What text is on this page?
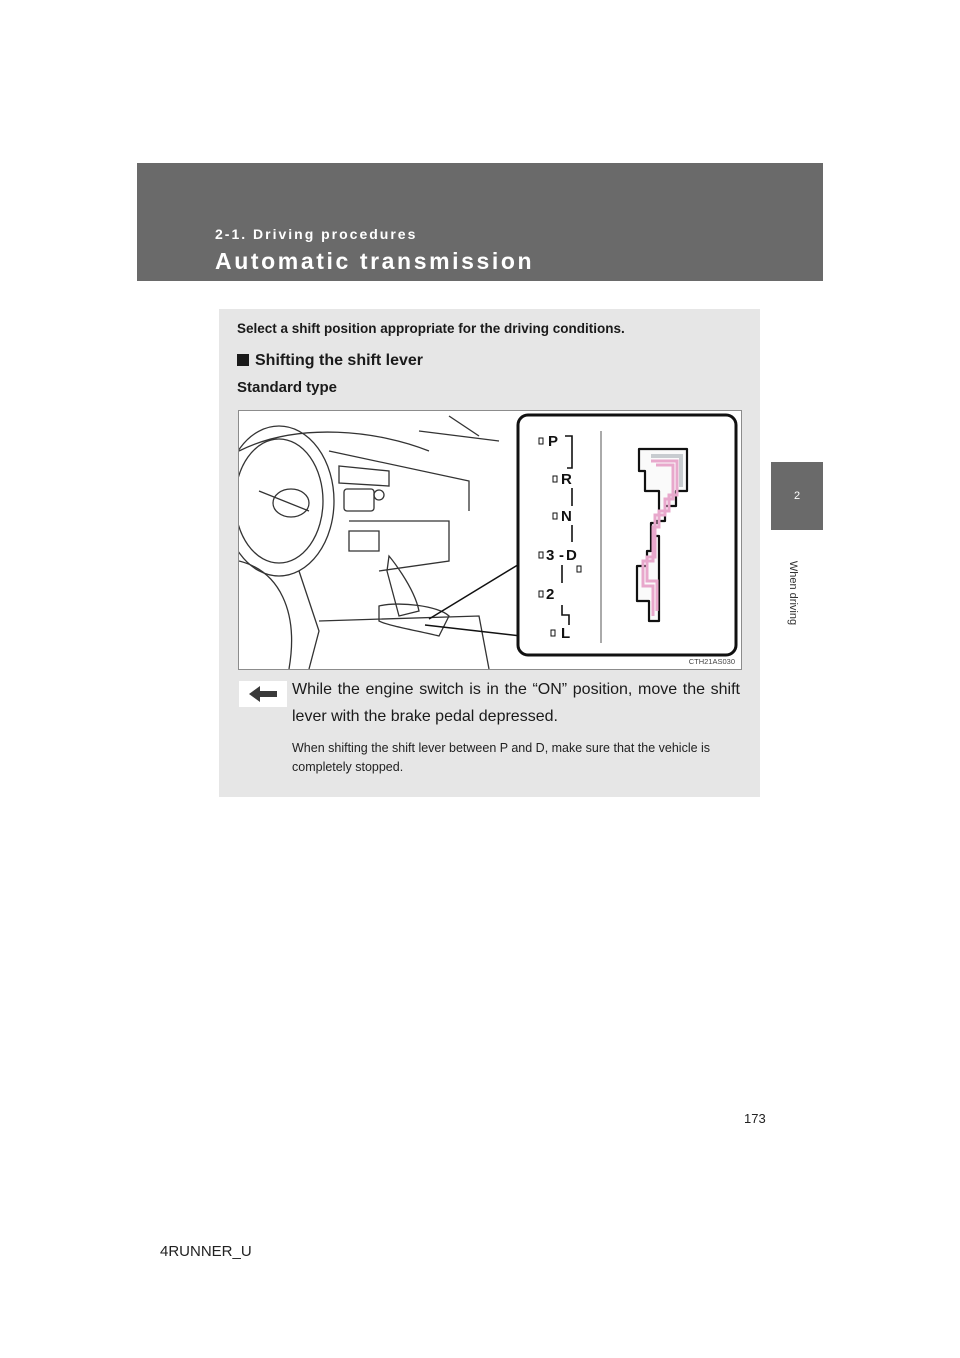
2-1. Driving procedures
Automatic transmission
2
When driving
Select a shift position appropriate for the driving conditions.
Shifting the shift lever
Standard type
P
R
N
3 - D
2
L
CTH21AS030
While the engine switch is in the “ON” position, move the shift lever with the brake pedal depressed.
When shifting the shift lever between P and D, make sure that the vehicle is completely stopped.
173
4RUNNER_U
